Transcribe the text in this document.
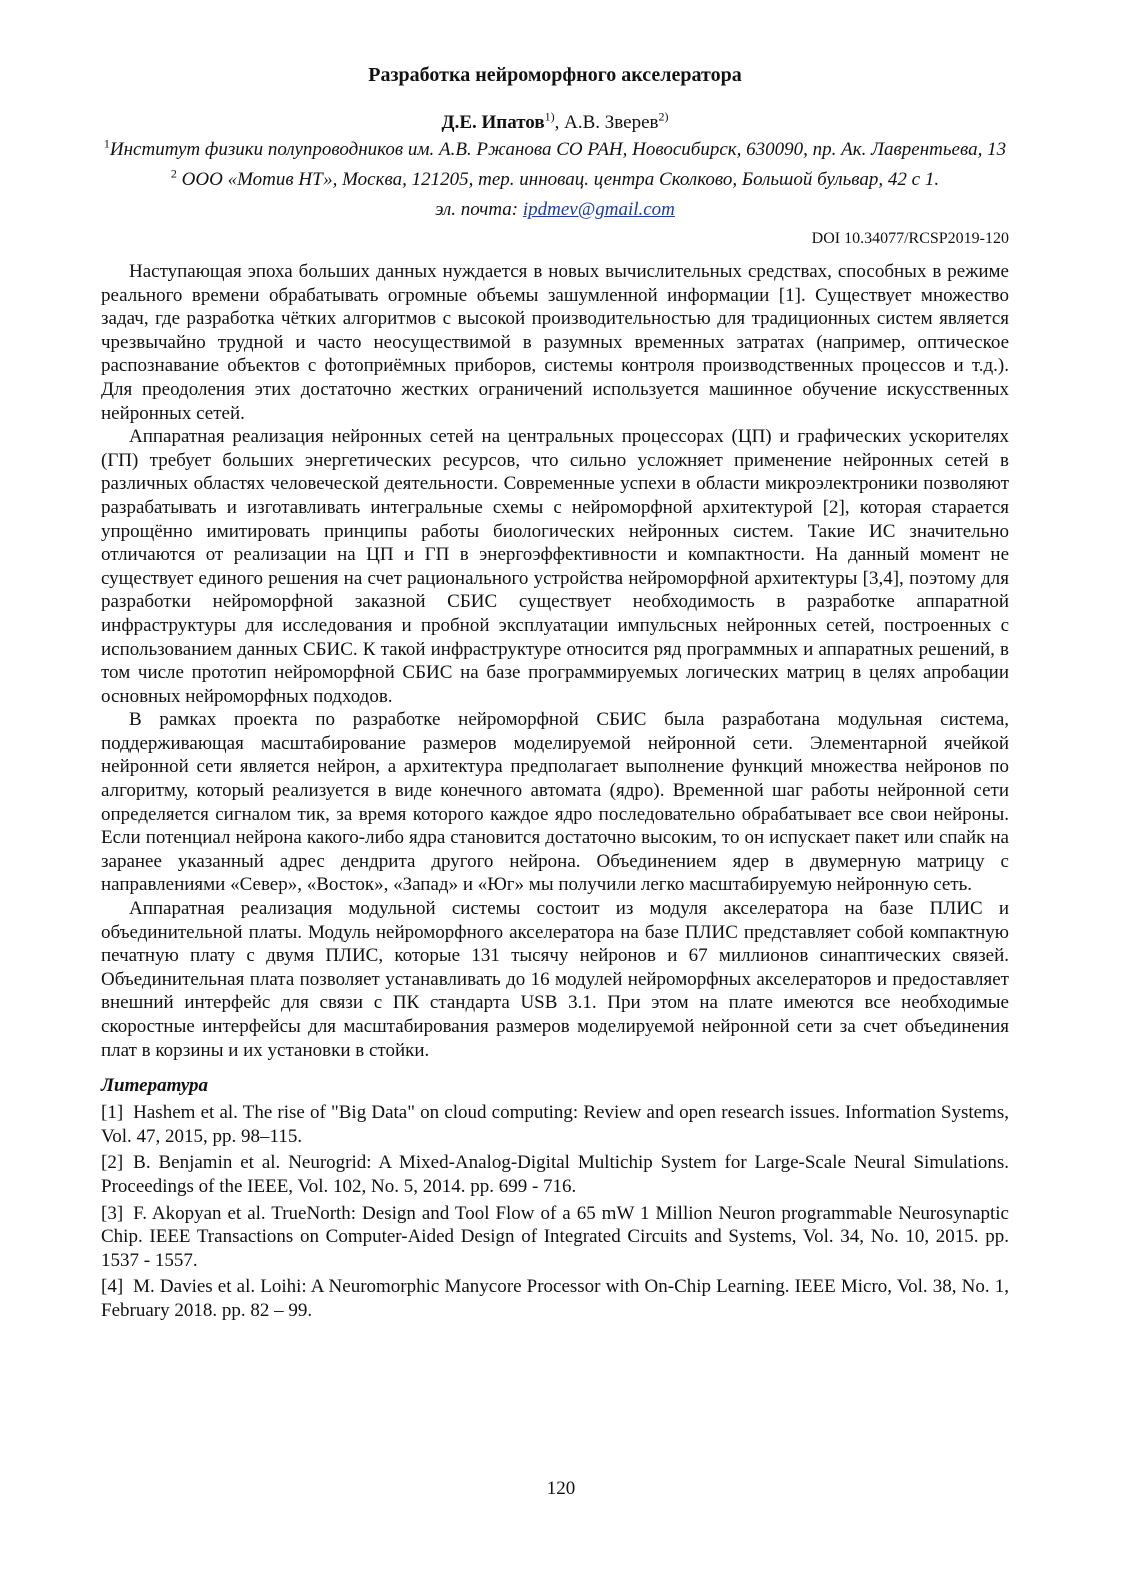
Разработка нейроморфного акселератора

Д.Е. Ипатов$^{1)}$, А.В. Зверев$^{2)}$

$^1$Институт физики полупроводников им. А.В. Ржанова СО РАН, Новосибирск, 630090, пр. Ак. Лаврентьева, 13

$^2$ ООО «Мотив НТ», Москва, 121205, тер. инновац. центра Сколково, Большой бульвар, 42 с 1.

эл. почта: ipdmev@gmail.com

DOI 10.34077/RCSP2019-120

Наступающая эпоха больших данных нуждается в новых вычислительных средствах, способных в режиме реального времени обрабатывать огромные объемы зашумленной информации [1]. Существует множество задач, где разработка чётких алгоритмов с высокой производительностью для традиционных систем является чрезвычайно трудной и часто неосуществимой в разумных временных затратах (например, оптическое распознавание объектов с фотоприёмных приборов, системы контроля производственных процессов и т.д.). Для преодоления этих достаточно жестких ограничений используется машинное обучение искусственных нейронных сетей.

Аппаратная реализация нейронных сетей на центральных процессорах (ЦП) и графических ускорителях (ГП) требует больших энергетических ресурсов, что сильно усложняет применение нейронных сетей в различных областях человеческой деятельности. Современные успехи в области микроэлектроники позволяют разрабатывать и изготавливать интегральные схемы с нейроморфной архитектурой [2], которая старается упрощённо имитировать принципы работы биологических нейронных систем. Такие ИС значительно отличаются от реализации на ЦП и ГП в энергоэффективности и компактности. На данный момент не существует единого решения на счет рационального устройства нейроморфной архитектуры [3,4], поэтому для разработки нейроморфной заказной СБИС существует необходимость в разработке аппаратной инфраструктуры для исследования и пробной эксплуатации импульсных нейронных сетей, построенных с использованием данных СБИС. К такой инфраструктуре относится ряд программных и аппаратных решений, в том числе прототип нейроморфной СБИС на базе программируемых логических матриц в целях апробации основных нейроморфных подходов.

В рамках проекта по разработке нейроморфной СБИС была разработана модульная система, поддерживающая масштабирование размеров моделируемой нейронной сети. Элементарной ячейкой нейронной сети является нейрон, а архитектура предполагает выполнение функций множества нейронов по алгоритму, который реализуется в виде конечного автомата (ядро). Временной шаг работы нейронной сети определяется сигналом тик, за время которого каждое ядро последовательно обрабатывает все свои нейроны. Если потенциал нейрона какого-либо ядра становится достаточно высоким, то он испускает пакет или спайк на заранее указанный адрес дендрита другого нейрона. Объединением ядер в двумерную матрицу с направлениями «Север», «Восток», «Запад» и «Юг» мы получили легко масштабируемую нейронную сеть.

Аппаратная реализация модульной системы состоит из модуля акселератора на базе ПЛИС и объединительной платы. Модуль нейроморфного акселератора на базе ПЛИС представляет собой компактную печатную плату с двумя ПЛИС, которые 131 тысячу нейронов и 67 миллионов синаптических связей. Объединительная плата позволяет устанавливать до 16 модулей нейроморфных акселераторов и предоставляет внешний интерфейс для связи с ПК стандарта USB 3.1. При этом на плате имеются все необходимые скоростные интерфейсы для масштабирования размеров моделируемой нейронной сети за счет объединения плат в корзины и их установки в стойки.

Литература

[1] Hashem et al. The rise of "Big Data" on cloud computing: Review and open research issues. Information Systems, Vol. 47, 2015, pp. 98–115.

[2] B. Benjamin et al. Neurogrid: A Mixed-Analog-Digital Multichip System for Large-Scale Neural Simulations. Proceedings of the IEEE, Vol. 102, No. 5, 2014. pp. 699 - 716.

[3] F. Akopyan et al. TrueNorth: Design and Tool Flow of a 65 mW 1 Million Neuron programmable Neurosynaptic Chip. IEEE Transactions on Computer-Aided Design of Integrated Circuits and Systems, Vol. 34, No. 10, 2015. pp. 1537 - 1557.

[4] M. Davies et al. Loihi: A Neuromorphic Manycore Processor with On-Chip Learning. IEEE Micro, Vol. 38, No. 1, February 2018. pp. 82 – 99.

120
